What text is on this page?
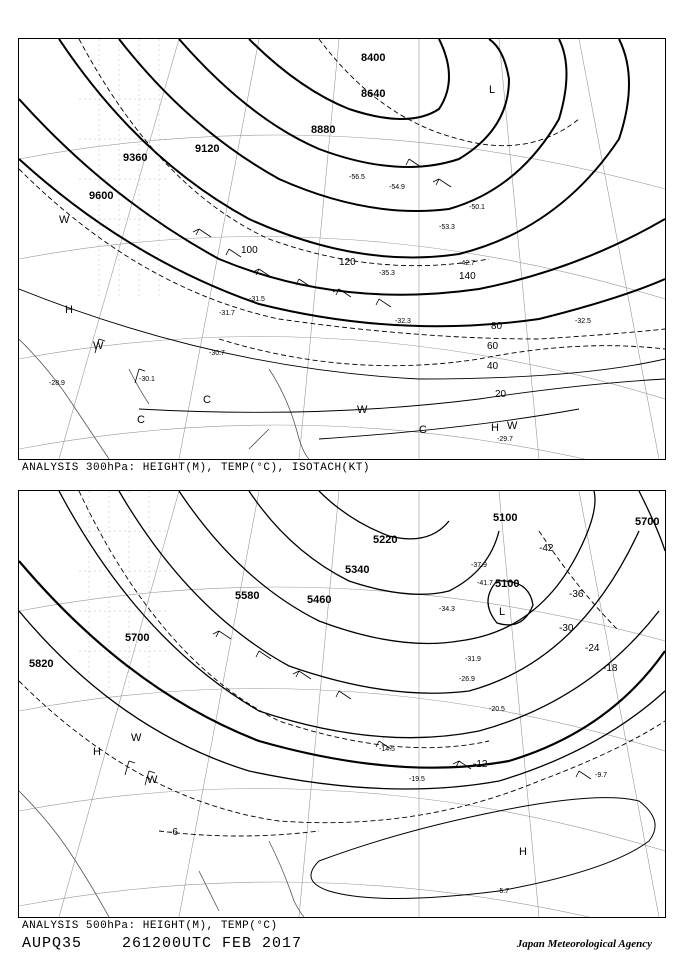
9600
9360
9120
8880
8640
8400
20
40
60
80
100
120
140
-54.9
-56.5
-53.3
-50.1
-42.7
-35.3
-32.3
-31.7
-30.7
-30.1
-29.7
-28.9
-32.5
-31.5
H
H
C
C
C
W
W
W
W
L
ANALYSIS 300hPa: HEIGHT(M), TEMP(°C), ISOTACH(KT)
5820
5700
5580	5460
5340
5220
5100
5100
5700
-6
-12
-18
-24
-30
-36
-42
-9.7
-5.7
-14.5
-19.5
-26.9
-34.3
-37.9
-41.7
-20.5
-31.9
H
H
W
W
L
ANALYSIS 500hPa: HEIGHT(M), TEMP(°C)
AUPQ35	261200UTC FEB 2017	Japan Meteorological Agency
